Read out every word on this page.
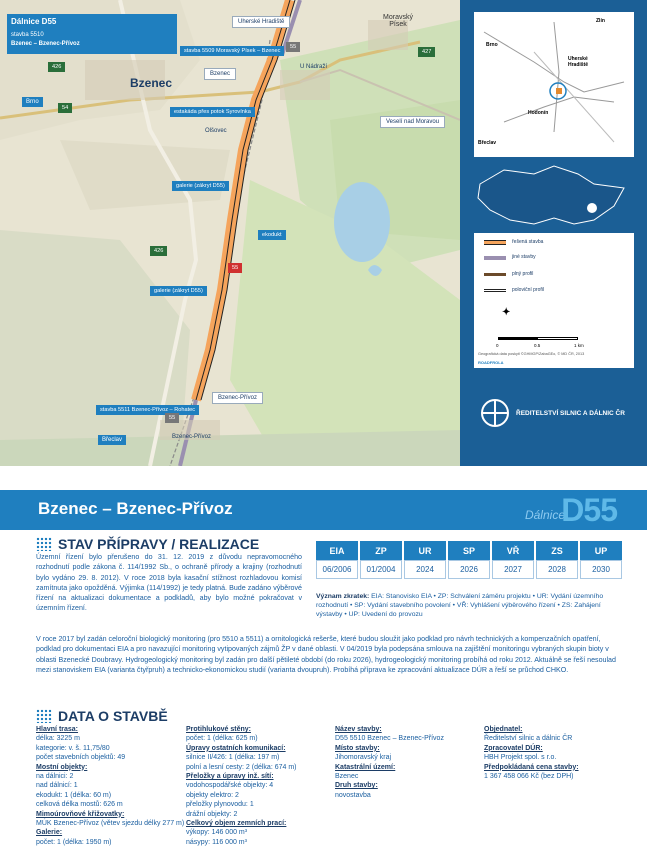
Dálnice D55
stavba 5510
Bzenec – Bzenec-Přívoz
Uherské Hradiště
stavba 5509 Moravský Písek – Bzenec
Brno
stavba 5511 Bzenec-Přívoz – Rohatec
Bzenec-Přívoz
Břeclav
Veselí nad Moravou
Bzenec
estakáda přes potok Syrovínka
galerie (zákryt D55)
galerie (zákryt D55)
ekodukt
Bzenec
Moravský Písek
U Nádraží
Olšovec
Bzenec-Přívoz
55
55
55
54
426
427
426
Zlín
Brno
Uherské Hradiště
Hodonín
Břeclav
řešená stavba
jiné stavby
plný profil
poloviční profil
✦
0	0.5	1 km
Geografická data poskytl ©GHMGP/ZabaGEo, © MD ČR, 2013
ROADFROLA
ŘEDITELSTVÍ SILNIC A DÁLNIC ČR
Bzenec – Bzenec-Přívoz	Dálnice
D55
STAV PŘÍPRAVY / REALIZACE
Územní řízení bylo přerušeno do 31. 12. 2019 z důvodu nepravomocného rozhodnutí podle zákona č. 114/1992 Sb., o ochraně přírody a krajiny (rozhodnutí bylo vydáno 29. 8. 2012). V roce 2018 byla kasační stížnost rozhladovou komisí zamítnuta jako opožděná. Výjimka (114/1992) je tedy platná. Bude zadáno výběrové řízení na aktualizaci dokumentace a podkladů, aby bylo možné pokračovat v územním řízení.
V roce 2017 byl zadán celoroční biologický monitoring (pro 5510 a 5511) a ornitologická rešerše, které budou sloužit jako podklad pro návrh technických a kompenzačních opatření, podklad pro dokumentaci EIA a pro navazující monitoring vytipovaných zájmů ŽP v dané oblasti. V 04/2019 byla podepsána smlouva na zajištění monitoringu vybraných skupin bioty v oblasti Bzenecké Doubravy. Hydrogeologický monitoring byl zadán pro další pětileté období (do roku 2026), hydrogeologický monitoring probíhá od roku 2012. Aktuálně se řeší nesoulad mezi stanoviskem EIA (varianta čtyřpruh) a technicko-ekonomickou studií (varianta dvoupruh). Probíhá příprava ke zpracování aktualizace DÚR a řeší se průchod CHKO.
EIA	ZP	UR	SP	VŘ	ZS	UP
06/2006	01/2004	2024	2026	2027	2028	2030
Význam zkratek: EIA: Stanovisko EIA • ZP: Schválení záměru projektu • UR: Vydání územního rozhodnutí • SP: Vydání stavebního povolení • VŘ: Vyhlášení výběrového řízení • ZS: Zahájení výstavby • UP: Uvedení do provozu
DATA O STAVBĚ
Hlavní trasa:
délka: 3225 m
kategorie: v. š. 11,75/80
počet stavebních objektů: 49
Mostní objekty:
na dálnici: 2
nad dálnicí: 1
ekodukt: 1 (délka: 60 m)
celková délka mostů: 626 m
Mimoúrovňové křižovatky:
MÚK Bzenec-Přívoz (větev sjezdu délky 277 m)
Galerie:
počet: 1 (délka: 1950 m)
Protihlukové stěny:
počet: 1 (délka: 625 m)
Úpravy ostatních komunikací:
silnice II/426: 1 (délka: 197 m)
polní a lesní cesty: 2 (délka: 674 m)
Přeložky a úpravy inž. sítí:
vodohospodářské objekty: 4
objekty elektro: 2
přeložky plynovodu: 1
drážní objekty: 2
Celkový objem zemních prací:
výkopy: 146 000 m³
násypy: 116 000 m³
Název stavby:
D55 5510 Bzenec – Bzenec-Přívoz
Místo stavby:
Jihomoravský kraj
Katastrální území:
Bzenec
Druh stavby:
novostavba
Objednatel:
Ředitelství silnic a dálnic ČR
Zpracovatel DÚR:
HBH Projekt spol. s r.o.
Předpokládaná cena stavby:
1 367 458 066 Kč (bez DPH)
